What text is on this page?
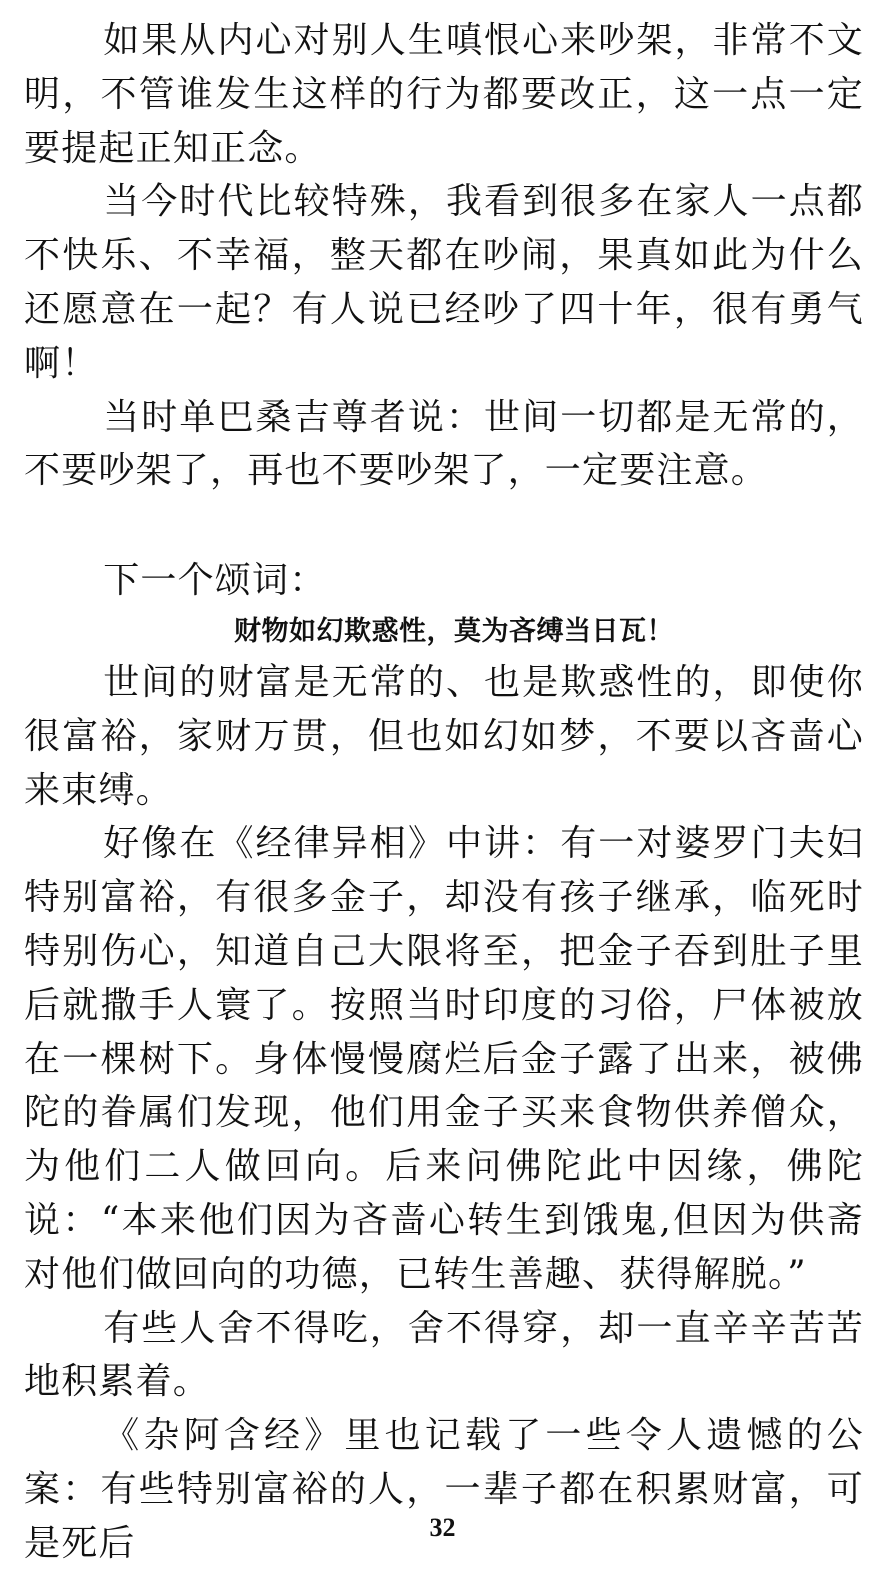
如果从内心对别人生嗔恨心来吵架，非常不文明，不管谁发生这样的行为都要改正，这一点一定要提起正知正念。

当今时代比较特殊，我看到很多在家人一点都不快乐、不幸福，整天都在吵闹，果真如此为什么还愿意在一起？有人说已经吵了四十年，很有勇气啊！

当时单巴桑吉尊者说：世间一切都是无常的，不要吵架了，再也不要吵架了，一定要注意。

下一个颂词：

财物如幻欺惑性，莫为吝缚当日瓦！

世间的财富是无常的、也是欺惑性的，即使你很富裕，家财万贯，但也如幻如梦，不要以吝啬心来束缚。

好像在《经律异相》中讲：有一对婆罗门夫妇特别富裕，有很多金子，却没有孩子继承，临死时特别伤心，知道自己大限将至，把金子吞到肚子里后就撒手人寰了。按照当时印度的习俗，尸体被放在一棵树下。身体慢慢腐烂后金子露了出来，被佛陀的眷属们发现，他们用金子买来食物供养僧众，为他们二人做回向。后来问佛陀此中因缘，佛陀说：“本来他们因为吝啬心转生到饿鬼,但因为供斋对他们做回向的功德，已转生善趣、获得解脱。”

有些人舍不得吃，舍不得穿，却一直辛辛苦苦地积累着。

《杂阿含经》里也记载了一些令人遗憾的公案：有些特别富裕的人，一辈子都在积累财富，可是死后	32
